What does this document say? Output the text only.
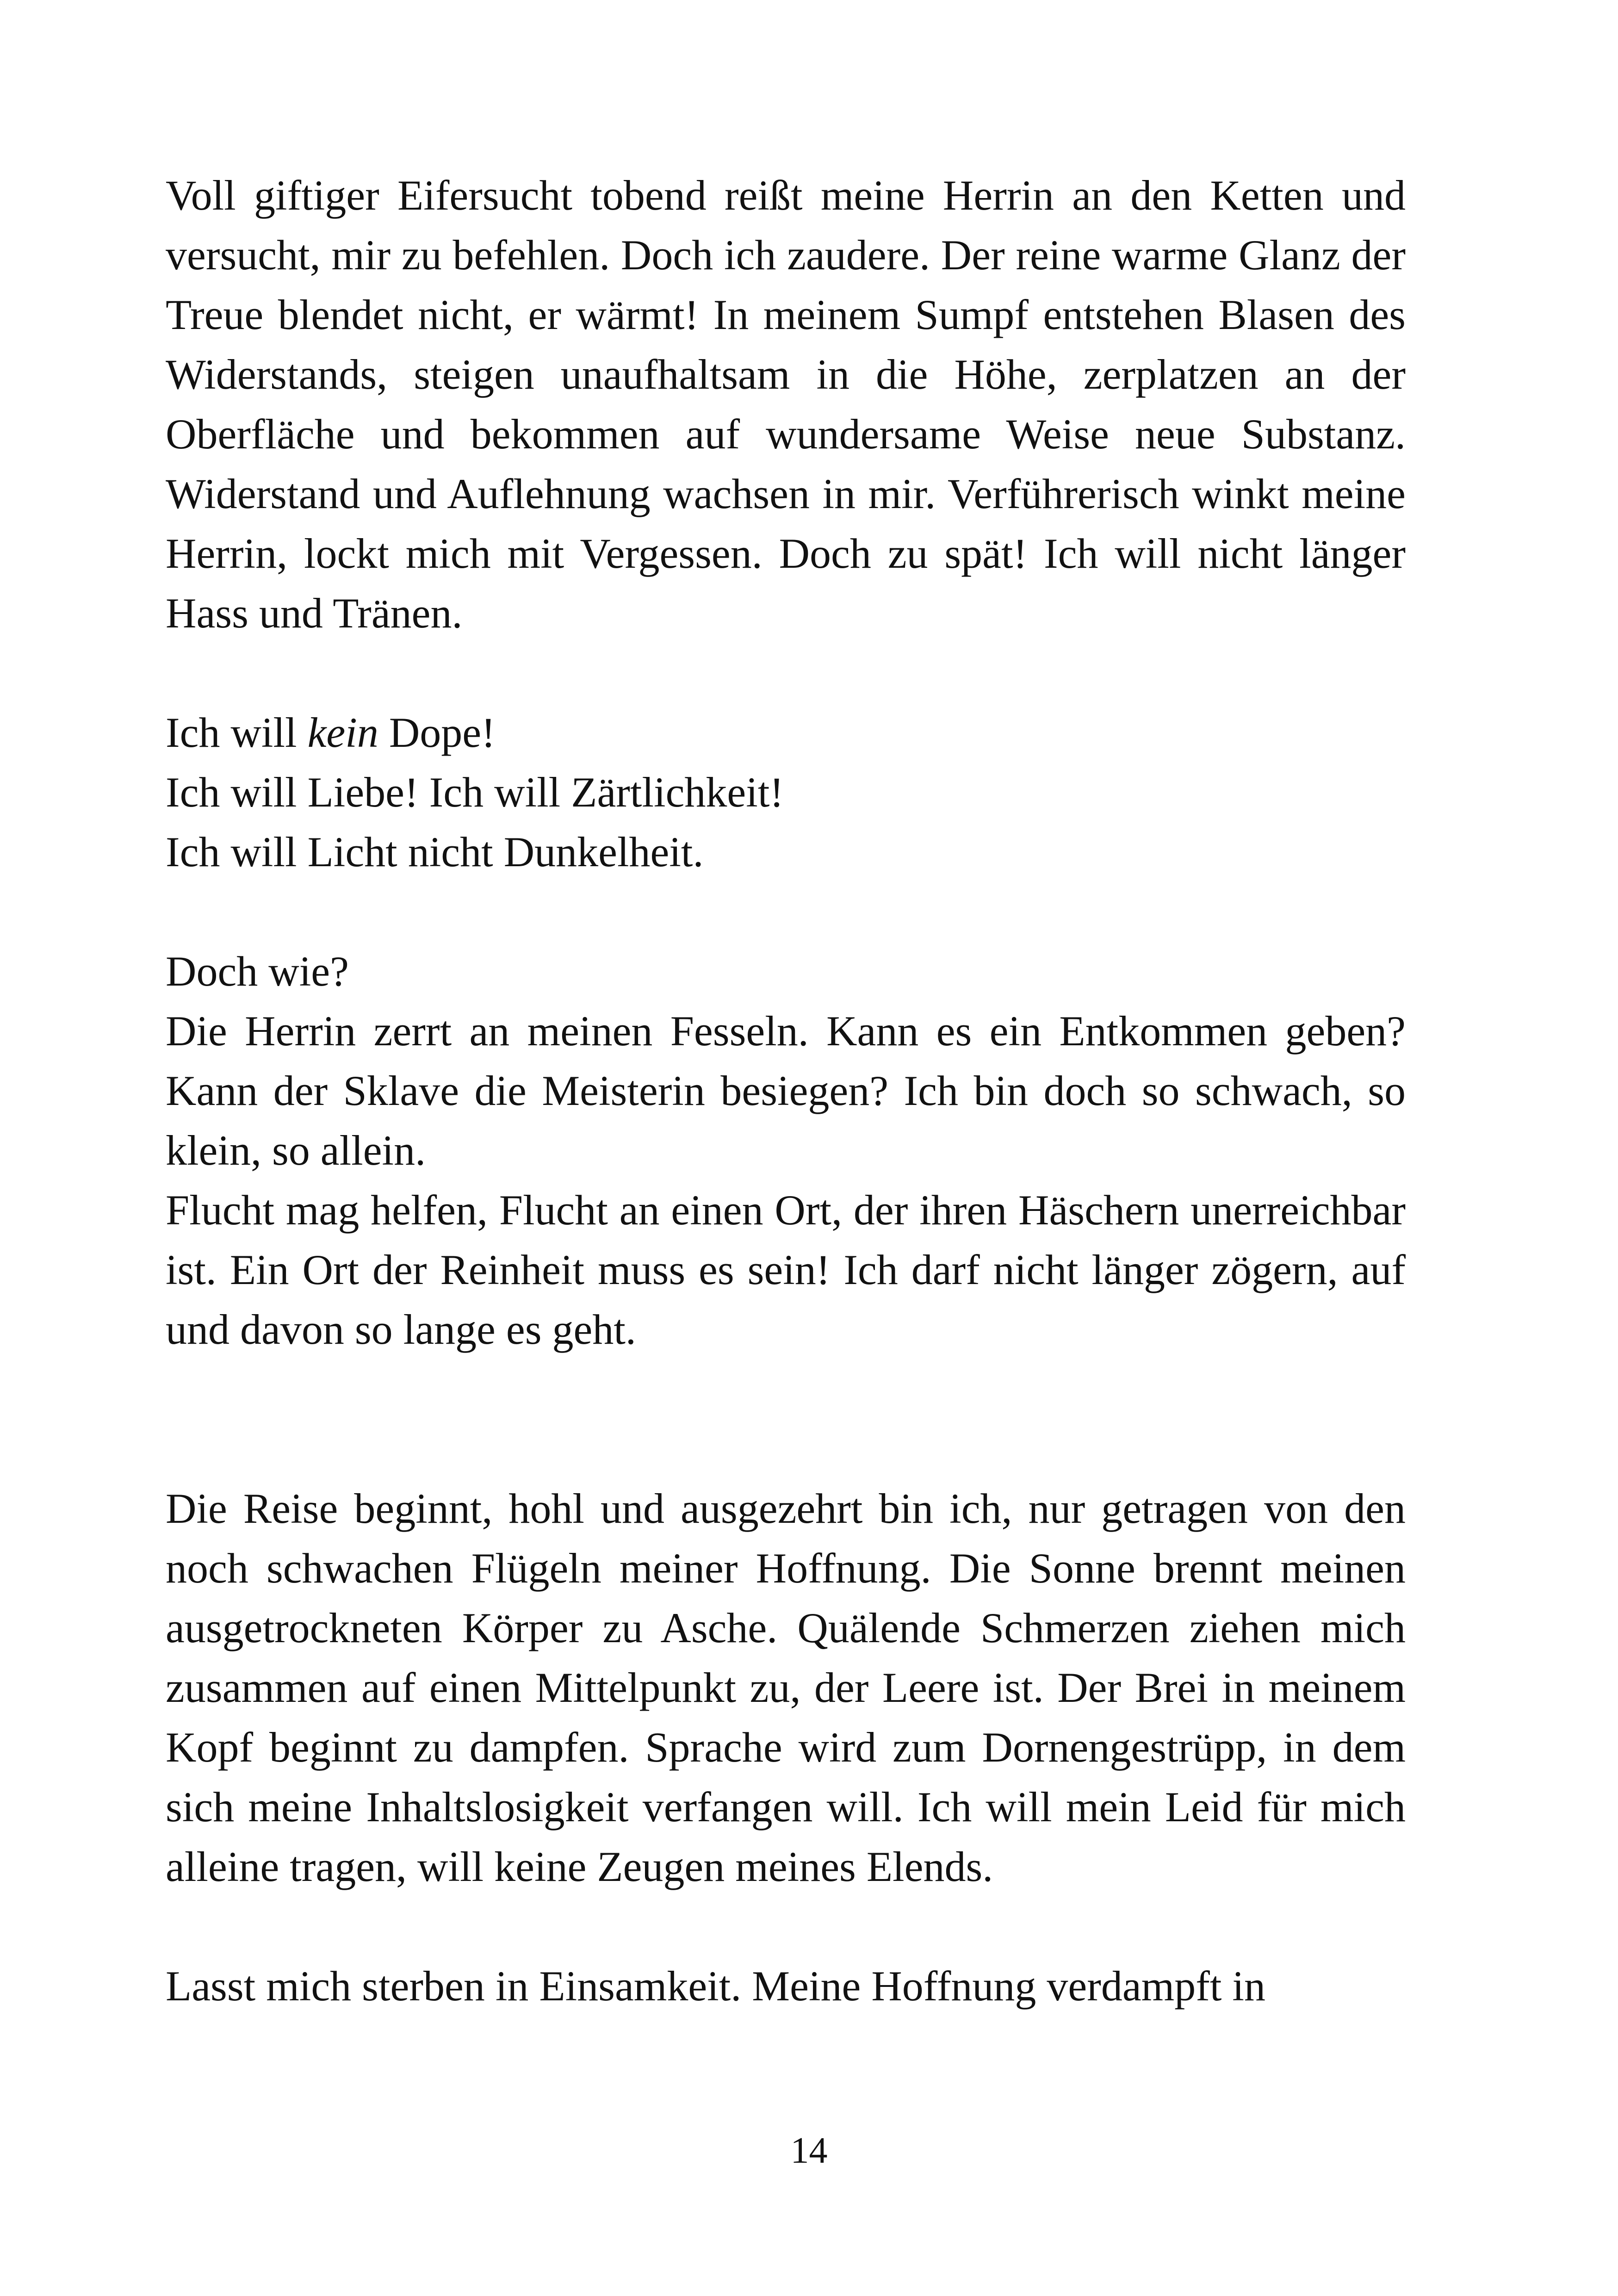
Voll giftiger Eifersucht tobend reißt meine Herrin an den Ketten und versucht, mir zu befehlen. Doch ich zaudere. Der reine warme Glanz der Treue blendet nicht, er wärmt! In meinem Sumpf entstehen Blasen des Widerstands, steigen unaufhaltsam in die Höhe, zerplatzen an der Oberfläche und bekommen auf wundersame Weise neue Substanz. Widerstand und Auflehnung wachsen in mir. Verführerisch winkt meine Herrin, lockt mich mit Vergessen. Doch zu spät! Ich will nicht länger Hass und Tränen.

Ich will kein Dope!
Ich will Liebe! Ich will Zärtlichkeit!
Ich will Licht nicht Dunkelheit.

Doch wie?

Die Herrin zerrt an meinen Fesseln. Kann es ein Entkommen geben? Kann der Sklave die Meisterin besiegen? Ich bin doch so schwach, so klein, so allein.

Flucht mag helfen, Flucht an einen Ort, der ihren Häschern unerreichbar ist. Ein Ort der Reinheit muss es sein! Ich darf nicht länger zögern, auf und davon so lange es geht.

Die Reise beginnt, hohl und ausgezehrt bin ich, nur getragen von den noch schwachen Flügeln meiner Hoffnung. Die Sonne brennt meinen ausgetrockneten Körper zu Asche. Quälende Schmerzen ziehen mich zusammen auf einen Mittelpunkt zu, der Leere ist. Der Brei in meinem Kopf beginnt zu dampfen. Sprache wird zum Dornengestrüpp, in dem sich meine Inhaltslosigkeit verfangen will. Ich will mein Leid für mich alleine tragen, will keine Zeugen meines Elends.

Lasst mich sterben in Einsamkeit. Meine Hoffnung verdampft in

14
